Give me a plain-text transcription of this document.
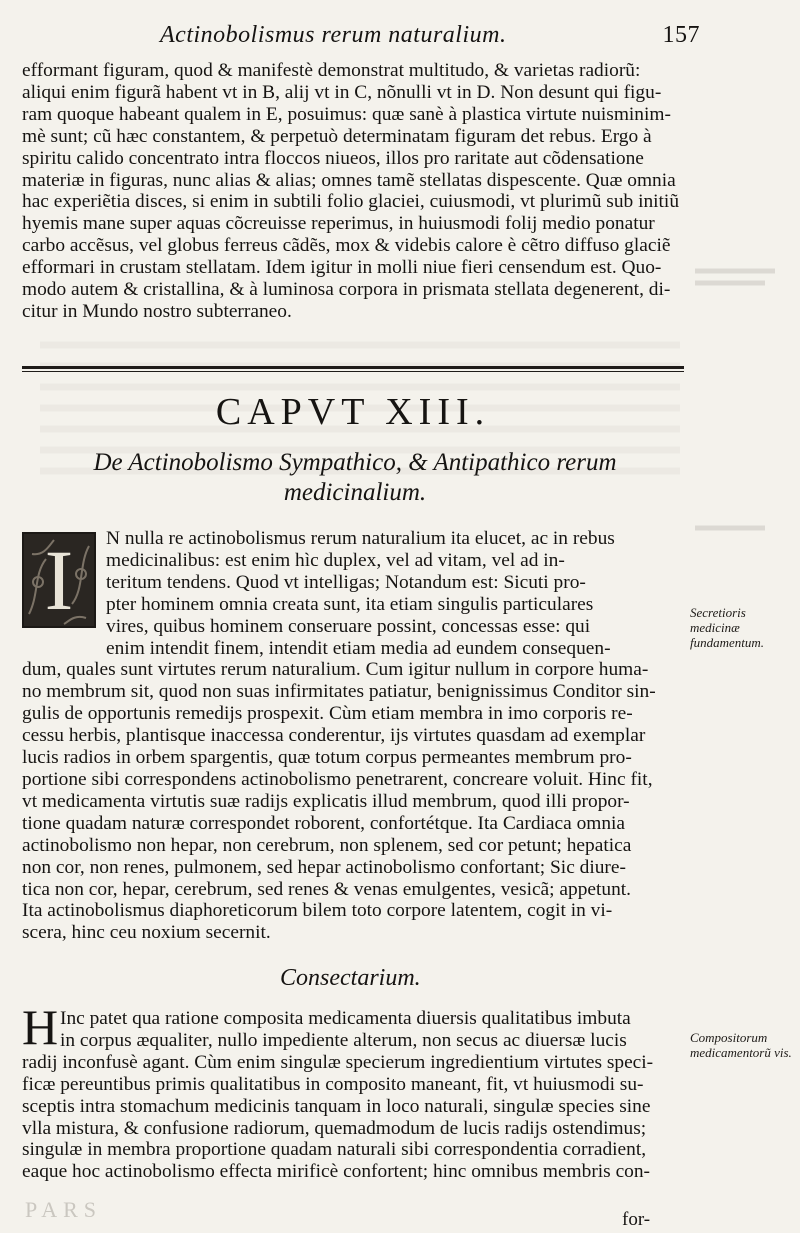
Actinobolismus rerum naturalium.	157
efformant figuram, quod & manifestè demonstrat multitudo, & varietas radiorũ:
aliqui enim figurã habent vt in B, alij vt in C, nõnulli vt in D. Non desunt qui figu-
ram quoque habeant qualem in E, posuimus: quæ sanè à plastica virtute nuisminim-
mè sunt; cũ hæc constantem, & perpetuò determinatam figuram det rebus. Ergo à
spiritu calido concentrato intra floccos niueos, illos pro raritate aut cõdensatione
materiæ in figuras, nunc alias & alias; omnes tamẽ stellatas dispescente. Quæ omnia
hac experiẽtia disces, si enim in subtili folio glaciei, cuiusmodi, vt plurimũ sub initiũ
hyemis mane super aquas cõcreuisse reperimus, in huiusmodi folij medio ponatur
carbo accẽsus, vel globus ferreus cãdẽs, mox & videbis calore è cẽtro diffuso glaciẽ
efformari in crustam stellatam. Idem igitur in molli niue fieri censendum est. Quo-
modo autem & cristallina, & à luminosa corpora in prismata stellata degenerent, di-
citur in Mundo nostro subterraneo.
CAPVT XIII.
De Actinobolismo Sympathico, & Antipathico rerum medicinalium.
I	N nulla re actinobolismus rerum naturalium ita elucet, ac in rebus
medicinalibus: est enim hìc duplex, vel ad vitam, vel ad in-
teritum tendens. Quod vt intelligas; Notandum est: Sicuti pro-
pter hominem omnia creata sunt, ita etiam singulis particulares
vires, quibus hominem conseruare possint, concessas esse: qui
enim intendit finem, intendit etiam media ad eundem consequen-
dum, quales sunt virtutes rerum naturalium. Cum igitur nullum in corpore huma-
no membrum sit, quod non suas infirmitates patiatur, benignissimus Conditor sin-
gulis de opportunis remedijs prospexit. Cùm etiam membra in imo corporis re-
cessu herbis, plantisque inaccessa conderentur, ijs virtutes quasdam ad exemplar
lucis radios in orbem spargentis, quæ totum corpus permeantes membrum pro-
portione sibi correspondens actinobolismo penetrarent, concreare voluit. Hinc fit,
vt medicamenta virtutis suæ radijs explicatis illud membrum, quod illi propor-
tione quadam naturæ correspondet roborent, confortétque. Ita Cardiaca omnia
actinobolismo non hepar, non cerebrum, non splenem, sed cor petunt; hepatica
non cor, non renes, pulmonem, sed hepar actinobolismo confortant; Sic diure-
tica non cor, hepar, cerebrum, sed renes & venas emulgentes, vesicã; appetunt.
Ita actinobolismus diaphoreticorum bilem toto corpore latentem, cogit in vi-
scera, hinc ceu noxium secernit.
Secretioris medicinæ fundamentum.
Consectarium.
H Inc patet qua ratione composita medicamenta diuersis qualitatibus imbuta
in corpus æqualiter, nullo impediente alterum, non secus ac diuersæ lucis
radij inconfusè agant. Cùm enim singulæ specierum ingredientium virtutes speci-
ficæ pereuntibus primis qualitatibus in composito maneant, fit, vt huiusmodi su-
sceptis intra stomachum medicinis tanquam in loco naturali, singulæ species sine
vlla mistura, & confusione radiorum, quemadmodum de lucis radijs ostendimus;
singulæ in membra proportione quadam naturali sibi correspondentia corradient,
eaque hoc actinobolismo effecta mirificè confortent; hinc omnibus membris con-
Compositorum medicamentorũ vis.
PARS	for-
